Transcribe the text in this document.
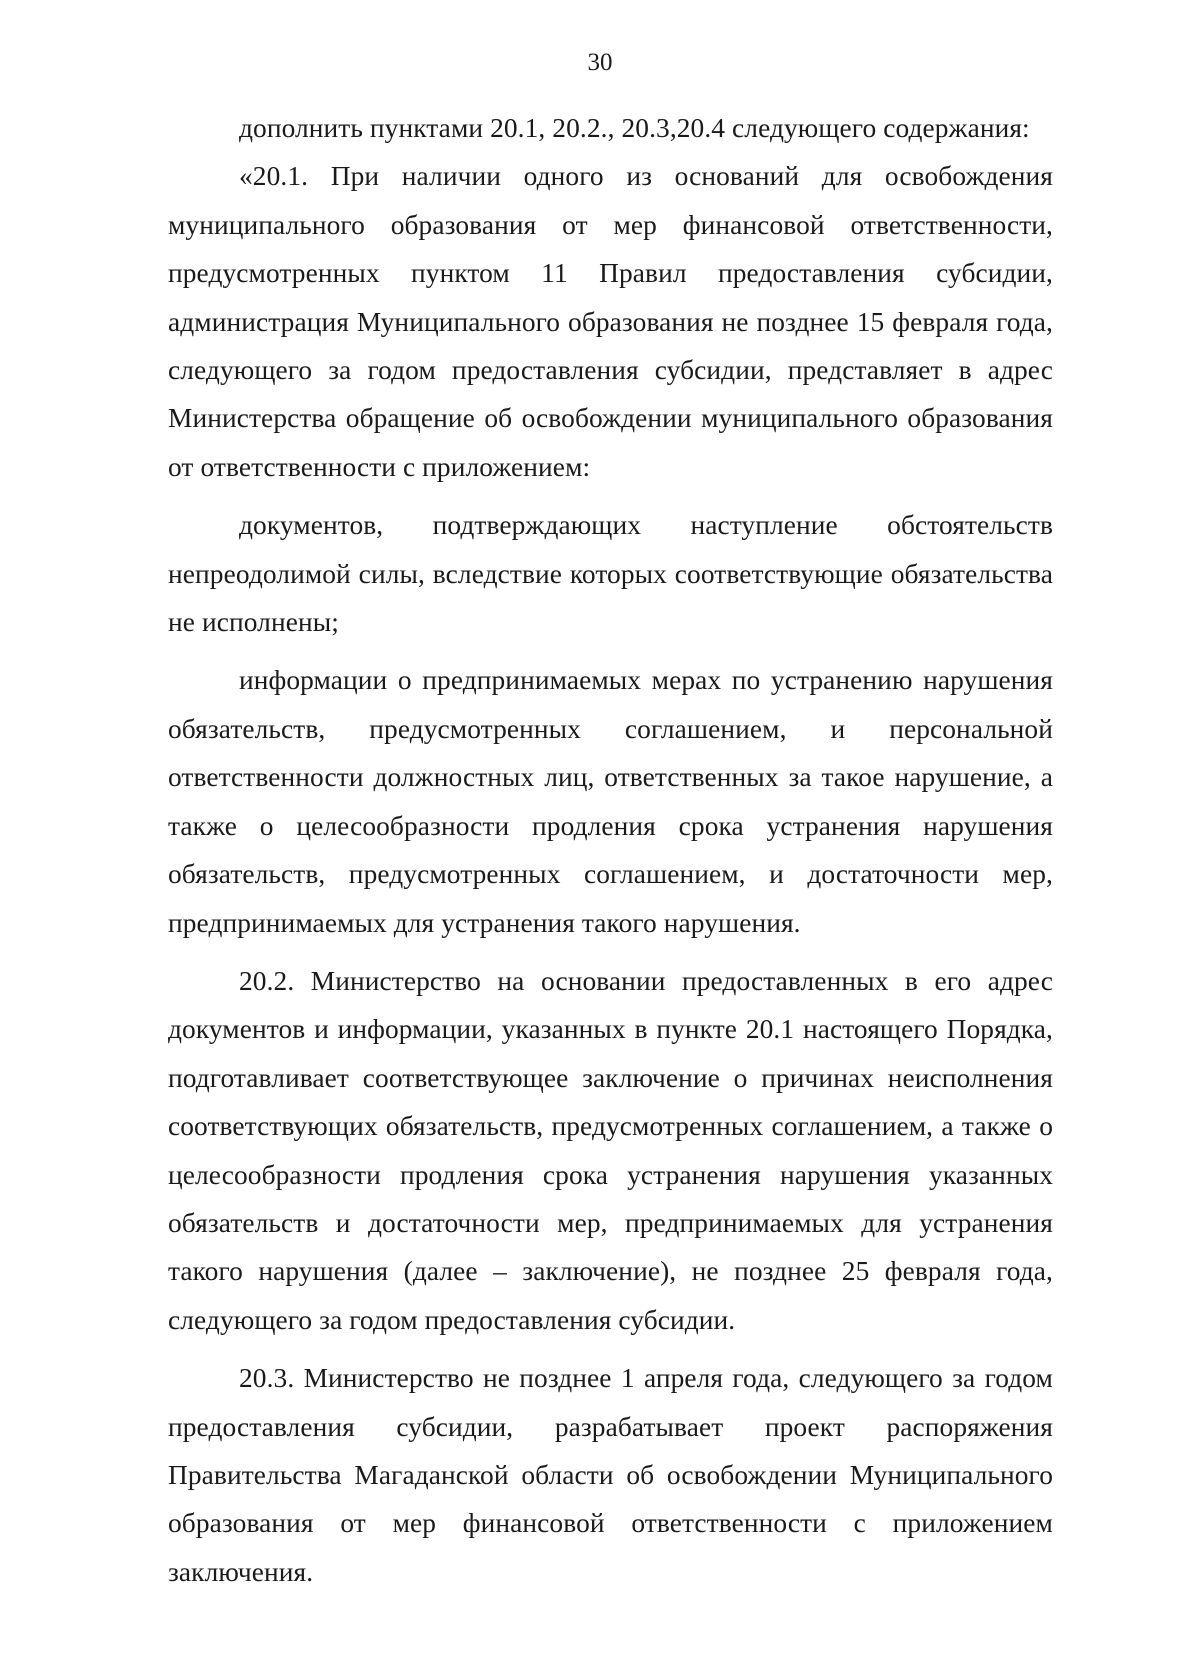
30

дополнить пунктами 20.1, 20.2., 20.3,20.4 следующего содержания:

«20.1. При наличии одного из оснований для освобождения муниципального образования от мер финансовой ответственности, предусмотренных пунктом 11 Правил предоставления субсидии, администрация Муниципального образования не позднее 15 февраля года, следующего за годом предоставления субсидии, представляет в адрес Министерства обращение об освобождении муниципального образования от ответственности с приложением:

документов, подтверждающих наступление обстоятельств непреодолимой силы, вследствие которых соответствующие обязательства не исполнены;

информации о предпринимаемых мерах по устранению нарушения обязательств, предусмотренных соглашением, и персональной ответственности должностных лиц, ответственных за такое нарушение, а также о целесообразности продления срока устранения нарушения обязательств, предусмотренных соглашением, и достаточности мер, предпринимаемых для устранения такого нарушения.

20.2. Министерство на основании предоставленных в его адрес документов и информации, указанных в пункте 20.1 настоящего Порядка, подготавливает соответствующее заключение о причинах неисполнения соответствующих обязательств, предусмотренных соглашением, а также о целесообразности продления срока устранения нарушения указанных обязательств и достаточности мер, предпринимаемых для устранения такого нарушения (далее – заключение), не позднее 25 февраля года, следующего за годом предоставления субсидии.

20.3. Министерство не позднее 1 апреля года, следующего за годом предоставления субсидии, разрабатывает проект распоряжения Правительства Магаданской области об освобождении Муниципального образования от мер финансовой ответственности с приложением заключения.
